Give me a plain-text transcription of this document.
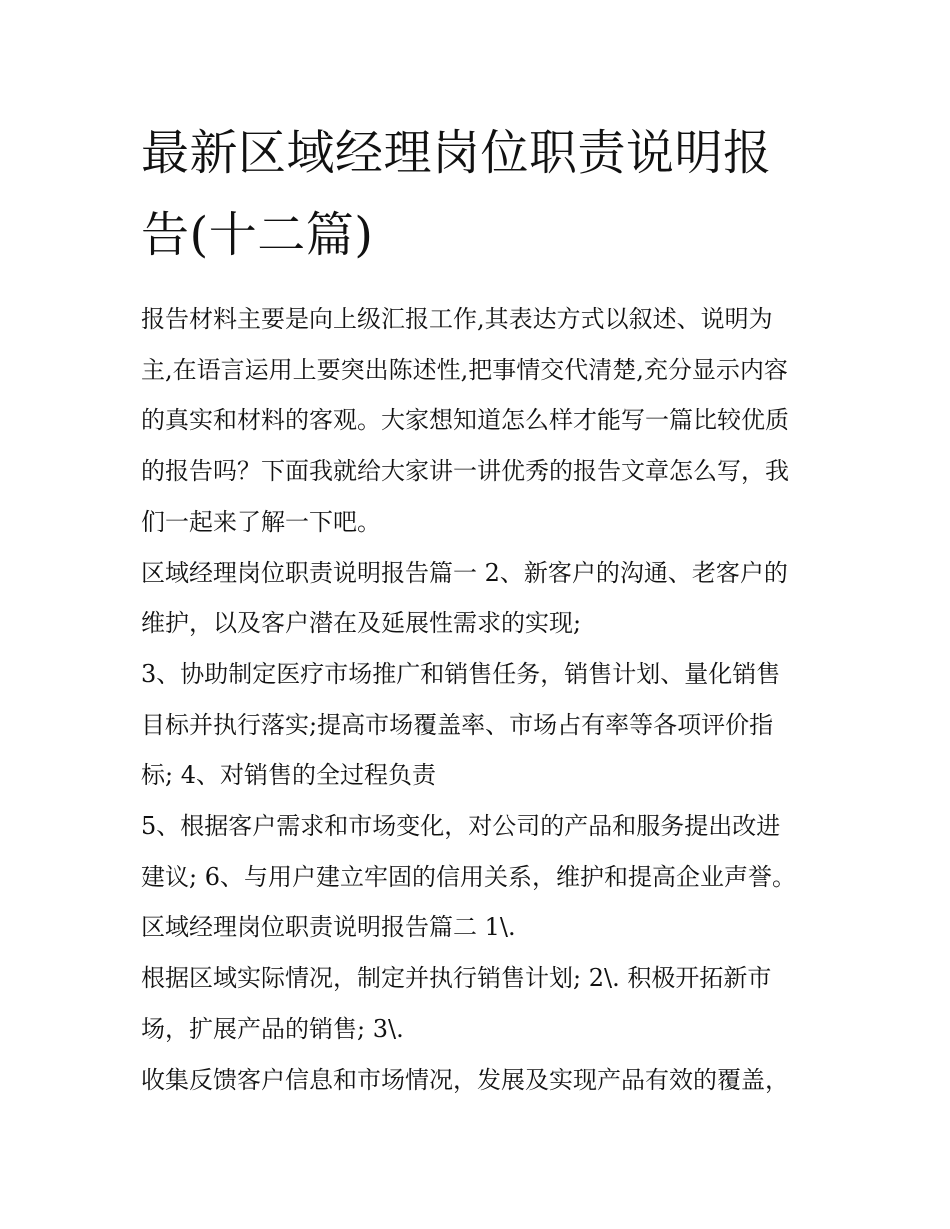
最新区域经理岗位职责说明报
告(十二篇)

报告材料主要是向上级汇报工作,其表达方式以叙述、说明为
主,在语言运用上要突出陈述性,把事情交代清楚,充分显示内容
的真实和材料的客观。大家想知道怎么样才能写一篇比较优质
的报告吗？下面我就给大家讲一讲优秀的报告文章怎么写，我
们一起来了解一下吧。

区域经理岗位职责说明报告篇一 2、新客户的沟通、老客户的
维护，以及客户潜在及延展性需求的实现;

3、协助制定医疗市场推广和销售任务，销售计划、量化销售
目标并执行落实;提高市场覆盖率、市场占有率等各项评价指
标; 4、对销售的全过程负责

5、根据客户需求和市场变化，对公司的产品和服务提出改进
建议; 6、与用户建立牢固的信用关系，维护和提高企业声誉。

区域经理岗位职责说明报告篇二 1\.

根据区域实际情况，制定并执行销售计划; 2\. 积极开拓新市
场，扩展产品的销售; 3\.

收集反馈客户信息和市场情况，发展及实现产品有效的覆盖，
